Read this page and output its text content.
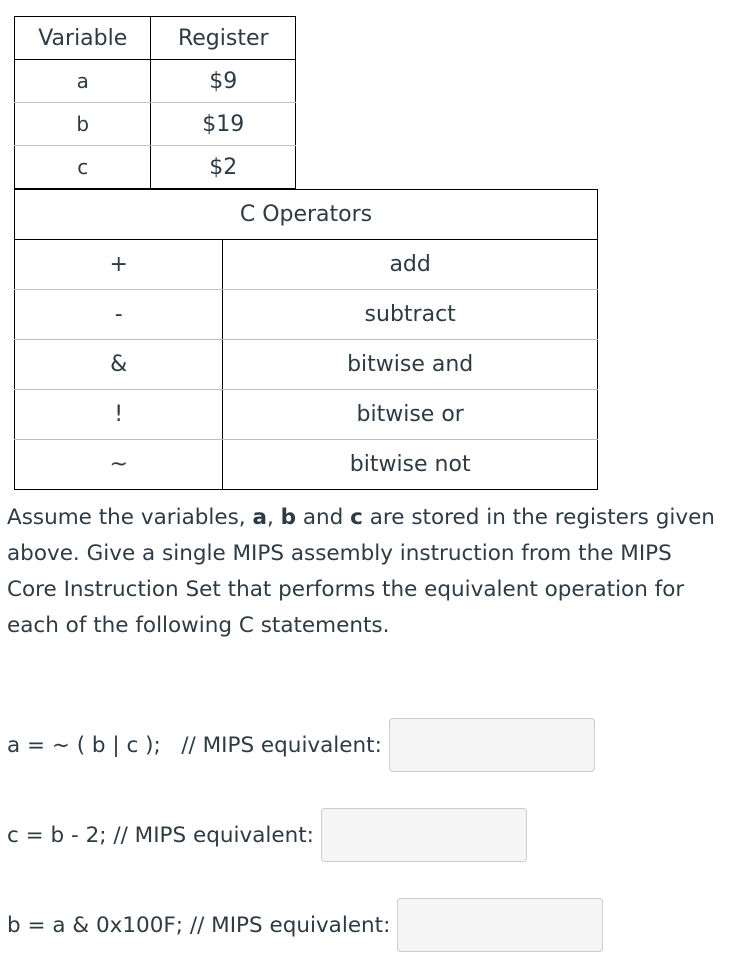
Variable	Register
a	$9
b	$19
c	$2
C Operators	
+	add
-	subtract
&	bitwise and
!	bitwise or
~	bitwise not

Assume the variables, a, b and c are stored in the registers given above. Give a single MIPS assembly instruction from the MIPS Core Instruction Set that performs the equivalent operation for each of the following C statements.

a = ~ ( b | c );   // MIPS equivalent:
c = b - 2; // MIPS equivalent:
b = a & 0x100F; // MIPS equivalent:
